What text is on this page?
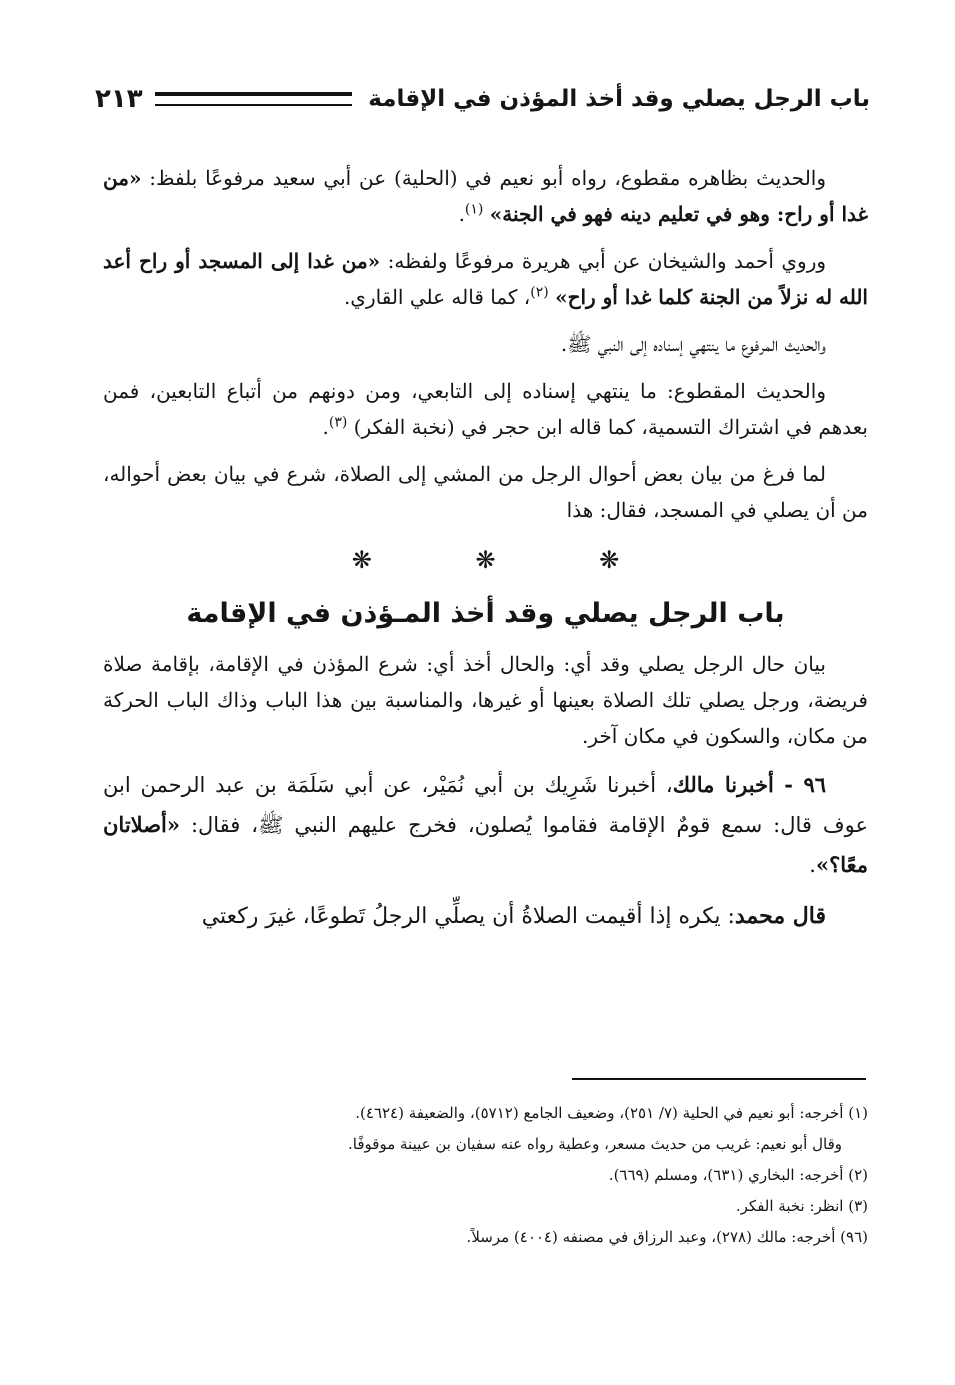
باب الرجل يصلي وقد أخذ المؤذن في الإقامة
٢١٣

والحديث بظاهره مقطوع، رواه أبو نعيم في (الحلية) عن أبي سعيد مرفوعًا بلفظ: «من غدا أو راح: وهو في تعليم دينه فهو في الجنة» $^{(١)}$.

وروي أحمد والشيخان عن أبي هريرة مرفوعًا ولفظه: «من غدا إلى المسجد أو راح أعد الله له نزلاً من الجنة كلما غدا أو راح» $^{(٢)}$، كما قاله علي القاري.

والحديث المرفوع ما ينتهي إسناده إلى النبي ﷺ.

والحديث المقطوع: ما ينتهي إسناده إلى التابعي، ومن دونهم من أتباع التابعين، فمن بعدهم في اشتراك التسمية، كما قاله ابن حجر في (نخبة الفكر) $^{(٣)}$.

لما فرغ من بيان بعض أحوال الرجل من المشي إلى الصلاة، شرع في بيان بعض أحواله، من أن يصلي في المسجد، فقال: هذا

❋ ❋ ❋
باب الرجل يصلي وقد أخذ المـؤذن في الإقامة

بيان حال الرجل يصلي وقد أي: والحال أخذ أي: شرع المؤذن في الإقامة، بإقامة صلاة فريضة، ورجل يصلي تلك الصلاة بعينها أو غيرها، والمناسبة بين هذا الباب وذاك الباب الحركة من مكان، والسكون في مكان آخر.

٩٦ - أخبرنا مالك، أخبرنا شَرِيك بن أبي نُمَيْر، عن أبي سَلَمَة بن عبد الرحمن ابن عوف قال: سمع قومٌ الإقامة فقاموا يُصلون، فخرج عليهم النبي ﷺ، فقال: «أصلاتان معًا؟».

قال محمد: يكره إذا أقيمت الصلاةُ أن يصلِّي الرجلُ تَطوعًا، غيرَ ركعتي

(١) أخرجه: أبو نعيم في الحلية (٧/ ٢٥١)، وضعيف الجامع (٥٧١٢)، والضعيفة (٤٦٢٤).

وقال أبو نعيم: غريب من حديث مسعر، وعطية رواه عنه سفيان بن عيينة موقوفًا.

(٢) أخرجه: البخاري (٦٣١)، ومسلم (٦٦٩).

(٣) انظر: نخبة الفكر.

(٩٦) أخرجه: مالك (٢٧٨)، وعبد الرزاق في مصنفه (٤٠٠٤) مرسلاً.
